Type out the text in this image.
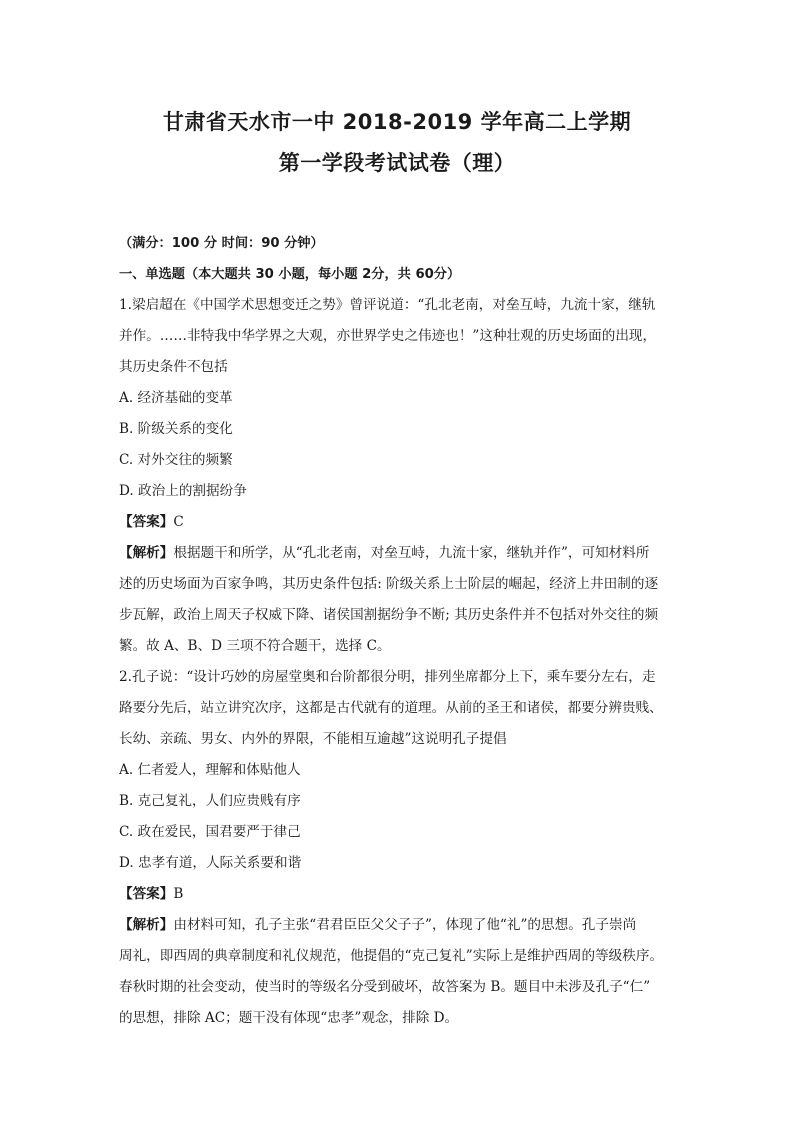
甘肃省天水市一中 2018-2019 学年高二上学期
第一学段考试试卷（理）
（满分：100 分 时间：90 分钟）
一、单选题（本大题共 30 小题，每小题 2分，共 60分）
1.梁启超在《中国学术思想变迁之势》曾评说道：“孔北老南，对垒互峙，九流十家，继轨
并作。……非特我中华学界之大观，亦世界学史之伟迹也！”这种壮观的历史场面的出现，
其历史条件不包括
A. 经济基础的变革
B. 阶级关系的变化
C. 对外交往的频繁
D. 政治上的割据纷争
【答案】C
【解析】根据题干和所学，从“孔北老南，对垒互峙，九流十家，继轨并作”，可知材料所
述的历史场面为百家争鸣，其历史条件包括: 阶级关系上士阶层的崛起，经济上井田制的逐
步瓦解，政治上周天子权威下降、诸侯国割据纷争不断; 其历史条件并不包括对外交往的频
繁。故 A、B、D 三项不符合题干，选择 C。
2.孔子说：“设计巧妙的房屋堂奥和台阶都很分明，排列坐席都分上下，乘车要分左右，走
路要分先后，站立讲究次序，这都是古代就有的道理。从前的圣王和诸侯，都要分辨贵贱、
长幼、亲疏、男女、内外的界限，不能相互逾越”这说明孔子提倡
A. 仁者爱人，理解和体贴他人
B. 克己复礼，人们应贵贱有序
C. 政在爱民，国君要严于律己
D. 忠孝有道，人际关系要和谐
【答案】B
【解析】由材料可知，孔子主张“君君臣臣父父子子”，体现了他“礼”的思想。孔子崇尚
周礼，即西周的典章制度和礼仪规范，他提倡的“克己复礼”实际上是维护西周的等级秩序。
春秋时期的社会变动，使当时的等级名分受到破坏，故答案为 B。题目中未涉及孔子“仁”
的思想，排除 AC；题干没有体现“忠孝”观念，排除 D。
